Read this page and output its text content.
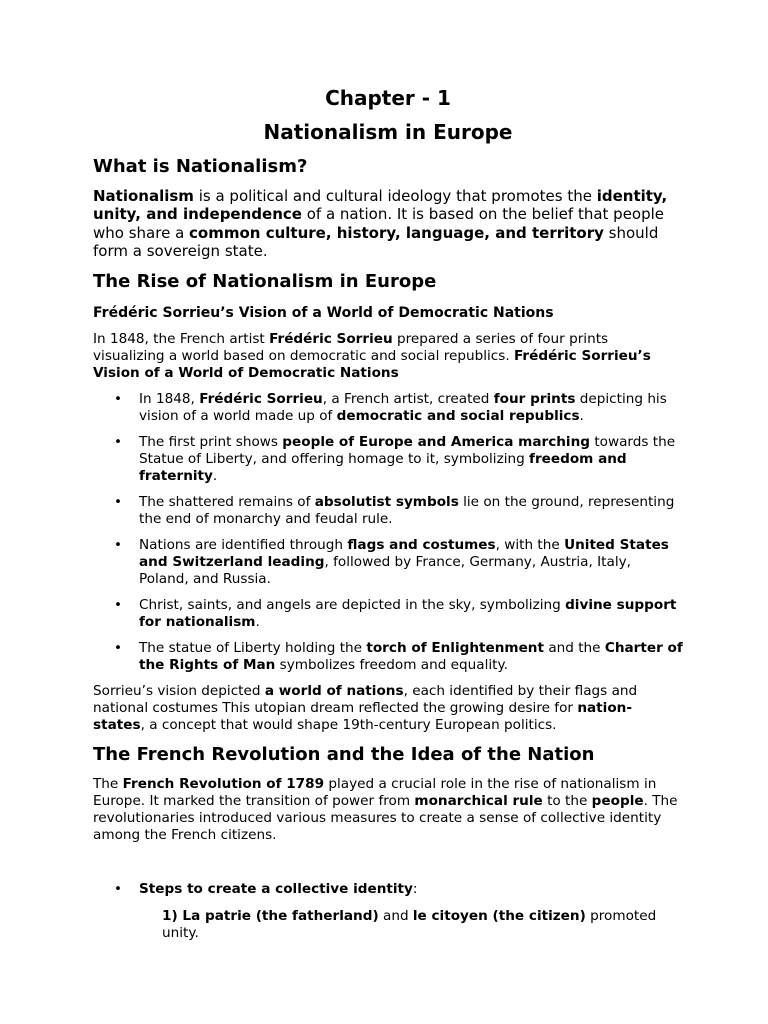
Chapter - 1
Nationalism in Europe
What is Nationalism?

Nationalism is a political and cultural ideology that promotes the identity, unity, and independence of a nation. It is based on the belief that people who share a common culture, history, language, and territory should form a sovereign state.

The Rise of Nationalism in Europe
Frédéric Sorrieu’s Vision of a World of Democratic Nations

In 1848, the French artist Frédéric Sorrieu prepared a series of four prints visualizing a world based on democratic and social republics. Frédéric Sorrieu’s Vision of a World of Democratic Nations

• In 1848, Frédéric Sorrieu, a French artist, created four prints depicting his vision of a world made up of democratic and social republics.
• The first print shows people of Europe and America marching towards the Statue of Liberty, and offering homage to it, symbolizing freedom and fraternity.
• The shattered remains of absolutist symbols lie on the ground, representing the end of monarchy and feudal rule.
• Nations are identified through flags and costumes, with the United States and Switzerland leading, followed by France, Germany, Austria, Italy, Poland, and Russia.
• Christ, saints, and angels are depicted in the sky, symbolizing divine support for nationalism.
• The statue of Liberty holding the torch of Enlightenment and the Charter of the Rights of Man symbolizes freedom and equality.

Sorrieu’s vision depicted a world of nations, each identified by their flags and national costumes This utopian dream reflected the growing desire for nation-states, a concept that would shape 19th-century European politics.

The French Revolution and the Idea of the Nation

The French Revolution of 1789 played a crucial role in the rise of nationalism in Europe. It marked the transition of power from monarchical rule to the people. The revolutionaries introduced various measures to create a sense of collective identity among the French citizens.

• Steps to create a collective identity:

1) La patrie (the fatherland) and le citoyen (the citizen) promoted unity.
